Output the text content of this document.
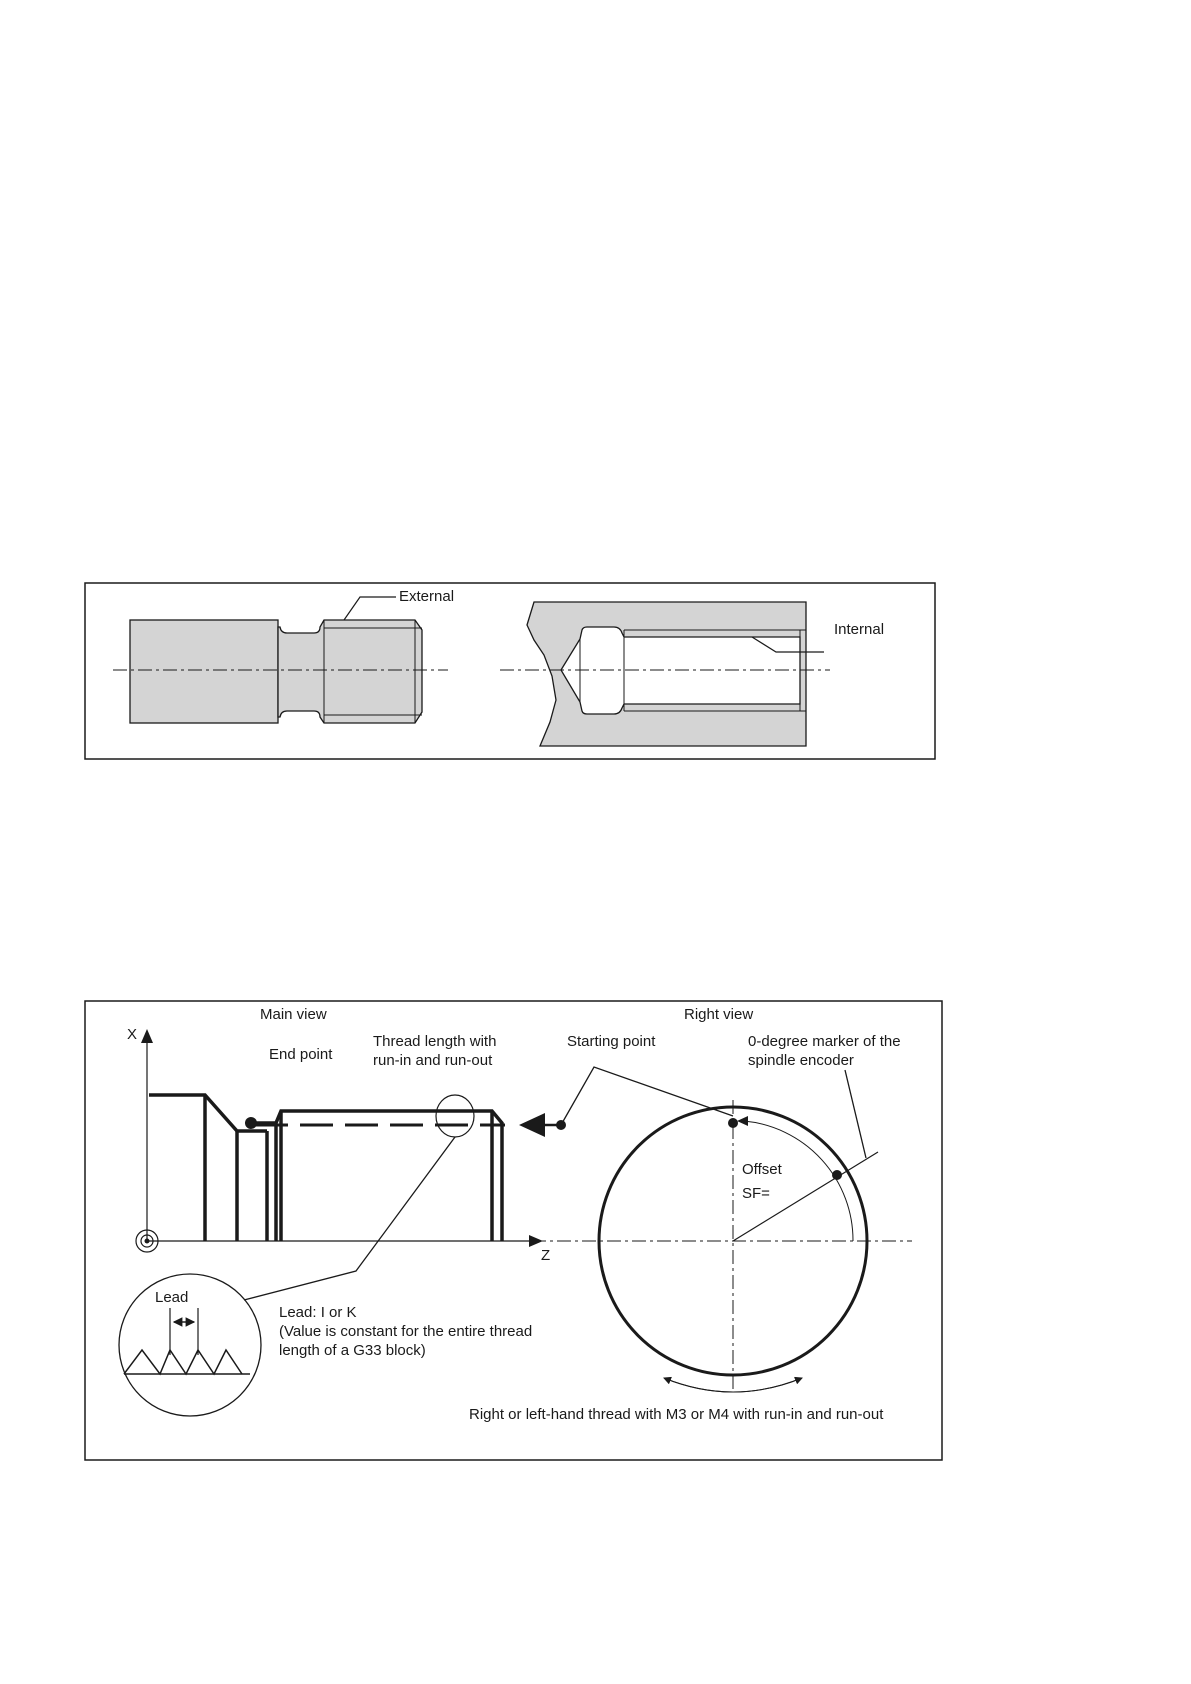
External
Internal
Main view	Right view
X
Z
End point
Thread length with
run-in and run-out
Starting point
Lead
Lead: I or K
(Value is constant for the entire thread
length of a G33 block)
Offset
SF=
0-degree marker of the
spindle encoder
Right or left-hand thread with M3 or M4 with run-in and run-out
